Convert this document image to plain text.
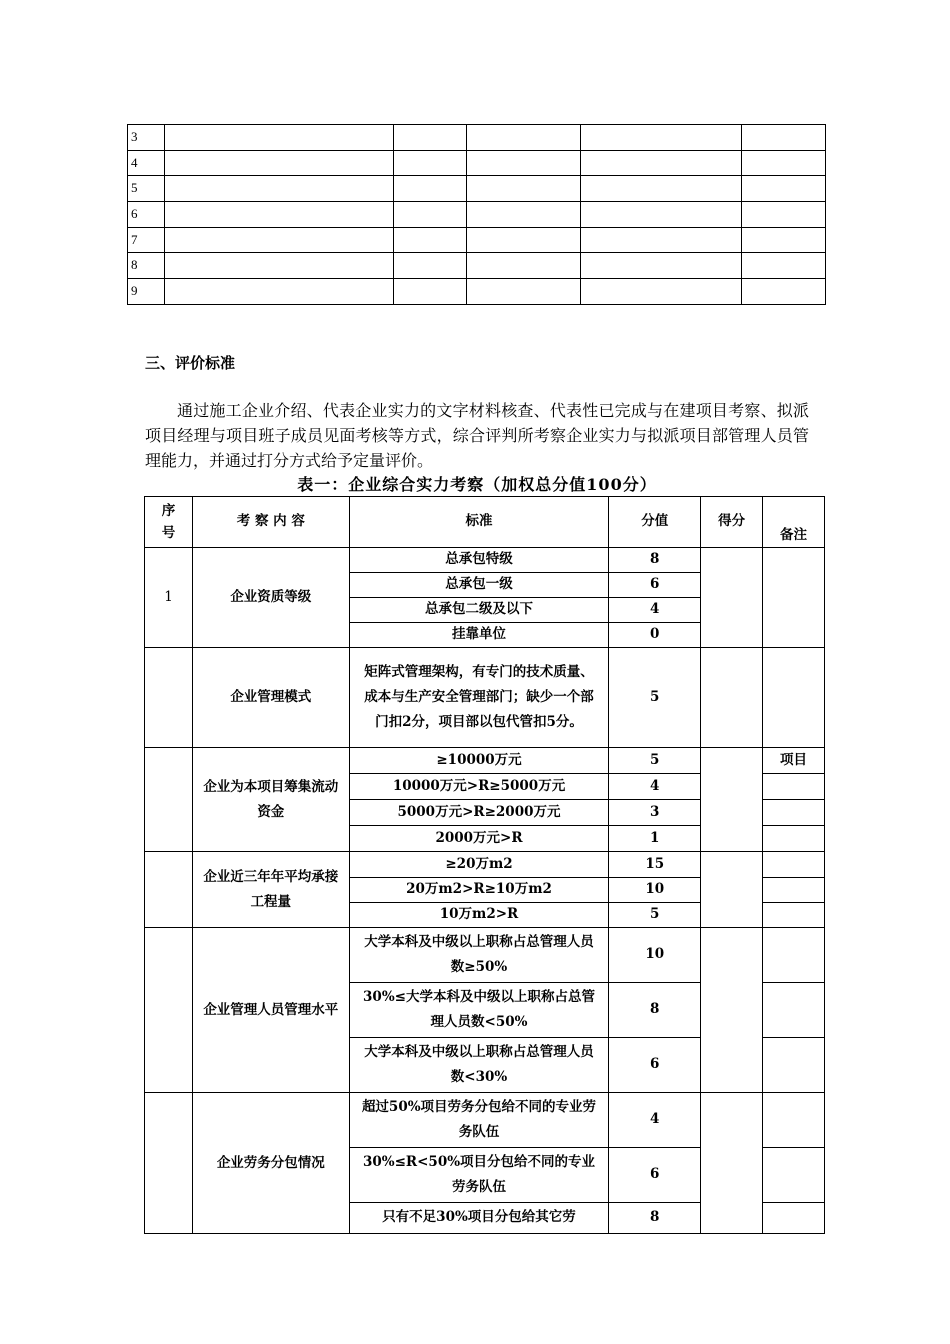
3					
4					
5					
6					
7					
8					
9					
三、评价标准

通过施工企业介绍、代表企业实力的文字材料核查、代表性已完成与在建项目考察、拟派项目经理与项目班子成员见面考核等方式，综合评判所考察企业实力与拟派项目部管理人员管理能力，并通过打分方式给予定量评价。

表一：企业综合实力考察（加权总分值100分）
序号	考 察 内 容	标准	分值	得分	备注
1	企业资质等级	总承包特级	8		
		总承包一级	6		
		总承包二级及以下	4		
		挂靠单位	0		
	企业管理模式	矩阵式管理架构，有专门的技术质量、成本与生产安全管理部门；缺少一个部门扣2分，项目部以包代管扣5分。	5		
	企业为本项目筹集流动资金	≥10000万元	5		项目
		10000万元>R≥5000万元	4		
		5000万元>R≥2000万元	3		
		2000万元>R	1		
	企业近三年年平均承接工程量	≥20万m2	15		
		20万m2>R≥10万m2	10		
		10万m2>R	5		
	企业管理人员管理水平	大学本科及中级以上职称占总管理人员数≥50%	10		
		30%≤大学本科及中级以上职称占总管理人员数<50%	8		
		大学本科及中级以上职称占总管理人员数<30%	6		
	企业劳务分包情况	超过50%项目劳务分包给不同的专业劳务队伍	4		
		30%≤R<50%项目分包给不同的专业劳务队伍	6		
		只有不足30%项目分包给其它劳	8		
